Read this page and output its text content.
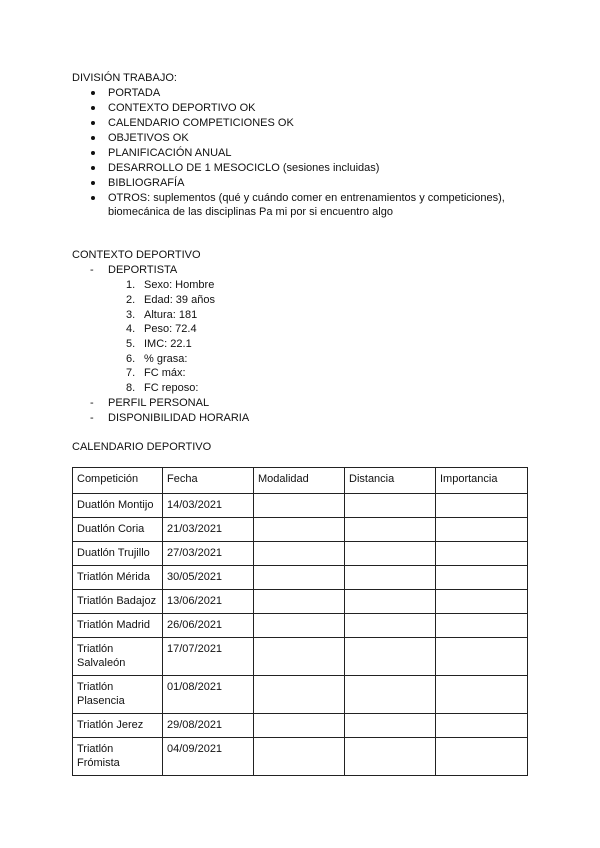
DIVISIÓN TRABAJO:
PORTADA
CONTEXTO DEPORTIVO OK
CALENDARIO COMPETICIONES OK
OBJETIVOS OK
PLANIFICACIÓN ANUAL
DESARROLLO DE 1 MESOCICLO (sesiones incluidas)
BIBLIOGRAFÍA
OTROS: suplementos (qué y cuándo comer en entrenamientos y competiciones),
biomecánica de las disciplinas Pa mi por si encuentro algo
CONTEXTO DEPORTIVO
- DEPORTISTA
1. Sexo: Hombre
2. Edad: 39 años
3. Altura: 181
4. Peso: 72.4
5. IMC: 22.1
6. % grasa:
7. FC máx:
8. FC reposo:
- PERFIL PERSONAL
- DISPONIBILIDAD HORARIA
CALENDARIO DEPORTIVO
Competición	Fecha	Modalidad	Distancia	Importancia
Duatlón Montijo	14/03/2021			
Duatlón Coria	21/03/2021			
Duatlón Trujillo	27/03/2021			
Triatlón Mérida	30/05/2021			
Triatlón Badajoz	13/06/2021			
Triatlón Madrid	26/06/2021			
Triatlón Salvaleón	17/07/2021			
Triatlón Plasencia	01/08/2021			
Triatlón Jerez	29/08/2021			
Triatlón Frómista	04/09/2021			
